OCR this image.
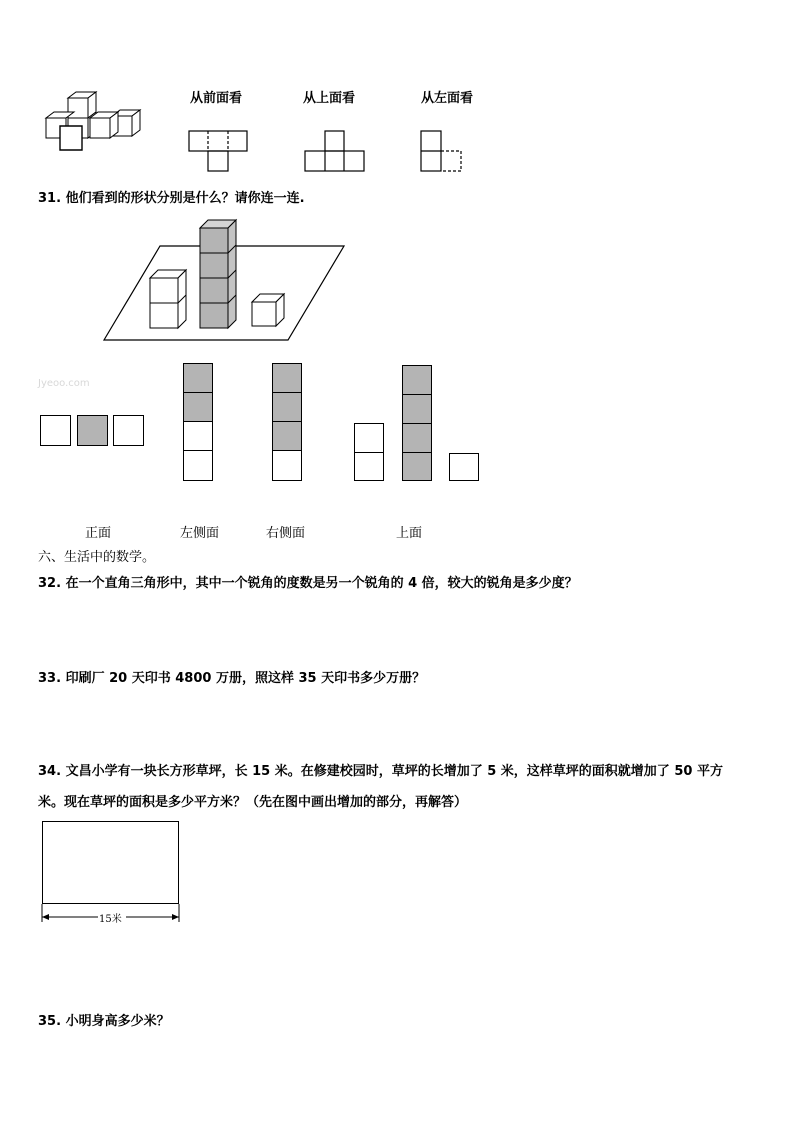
从前面看	从上面看	从左面看
31. 他们看到的形状分别是什么？请你连一连.
Jyeoo.com
正面	左侧面	右侧面	上面
六、生活中的数学。
32. 在一个直角三角形中，其中一个锐角的度数是另一个锐角的 4 倍，较大的锐角是多少度？
33. 印刷厂 20 天印书 4800 万册，照这样 35 天印书多少万册？
34. 文昌小学有一块长方形草坪，长 15 米。在修建校园时，草坪的长增加了 5 米，这样草坪的面积就增加了 50 平方
米。现在草坪的面积是多少平方米？（先在图中画出增加的部分，再解答）
15米
35. 小明身高多少米？
